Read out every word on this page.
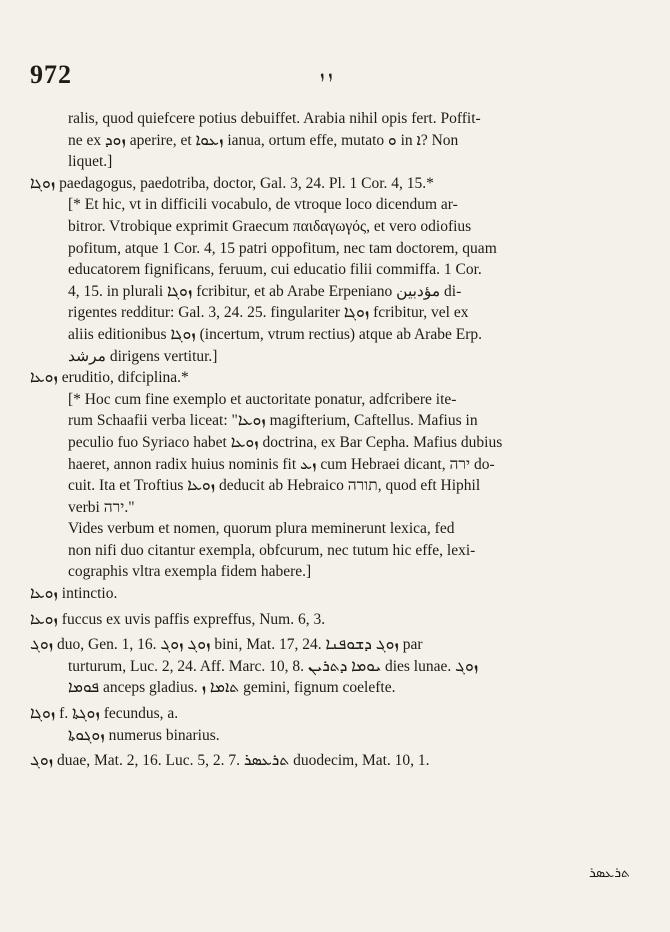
972	ܙ ܙ

ralis, quod quiefcere potius debuiffet. Arabia nihil opis fert. Poffit-

ne ex ܙܘܕ aperire, et ܙܥܘܐ ianua, ortum effe, mutato ܘ in ܐ? Non

liquet.]

ܙܘܓܐ paedagogus, paedotriba, doctor, Gal. 3, 24. Pl. 1 Cor. 4, 15.*

[* Et hic, vt in difficili vocabulo, de vtroque loco dicendum ar-

bitror. Vtrobique exprimit Graecum παιδαγωγός, et vero odiofius

pofitum, atque 1 Cor. 4, 15 patri oppofitum, nec tam doctorem, quam

educatorem fignificans, feruum, cui educatio filii commiffa. 1 Cor.

4, 15. in plurali ܙܘܓܐ fcribitur, et ab Arabe Erpeniano مؤدبين di-

rigentes redditur: Gal. 3, 24. 25. fingulariter ܙܘܓܐ fcribitur, vel ex

aliis editionibus ܙܘܓܐ (incertum, vtrum rectius) atque ab Arabe Erp.

مرشد dirigens vertitur.]

ܙܘܥܐ eruditio, difciplina.*

[* Hoc cum fine exemplo et auctoritate ponatur, adfcribere ite-

rum Schaafii verba liceat: "ܙܘܥܐ magifterium, Caftellus. Mafius in

peculio fuo Syriaco habet ܙܘܥܐ doctrina, ex Bar Cepha. Mafius dubius

haeret, annon radix huius nominis fit ܙܥ cum Hebraei dicant, ירה do-

cuit. Ita et Troftius ܙܘܥܐ deducit ab Hebraico תורה, quod eft Hiphil

verbi ירה."

Vides verbum et nomen, quorum plura meminerunt lexica, fed

non nifi duo citantur exempla, obfcurum, nec tutum hic effe, lexi-

cographis vltra exempla fidem habere.]

ܙܘܥܐ intinctio.

ܙܘܥܐ fuccus ex uvis paffis expreffus, Num. 6, 3.

ܙܘܓ duo, Gen. 1, 16. ܙܘܓ ܙܘܓ bini, Mat. 17, 24. ܙܘܓ ܕܫܘܦܢܐ par

turturum, Luc. 2, 24. Aff. Marc. 10, 8. ܝܘܡܐ ܕܬܪܝܢ dies lunae. ܙܘܓ

ܦܘܡܐ anceps gladius. ܬܐܡܐ ܙ gemini, fignum coelefte.

ܙܘܓܐ f. ܙܘܓܬܐ fecundus, a.

ܙܘܓܘܬܐ numerus binarius.

ܙܘܓ duae, Mat. 2, 16. Luc. 5, 2. 7. ܬܪܥܣܪ duodecim, Mat. 10, 1.

ܬܪܥܣܪ
